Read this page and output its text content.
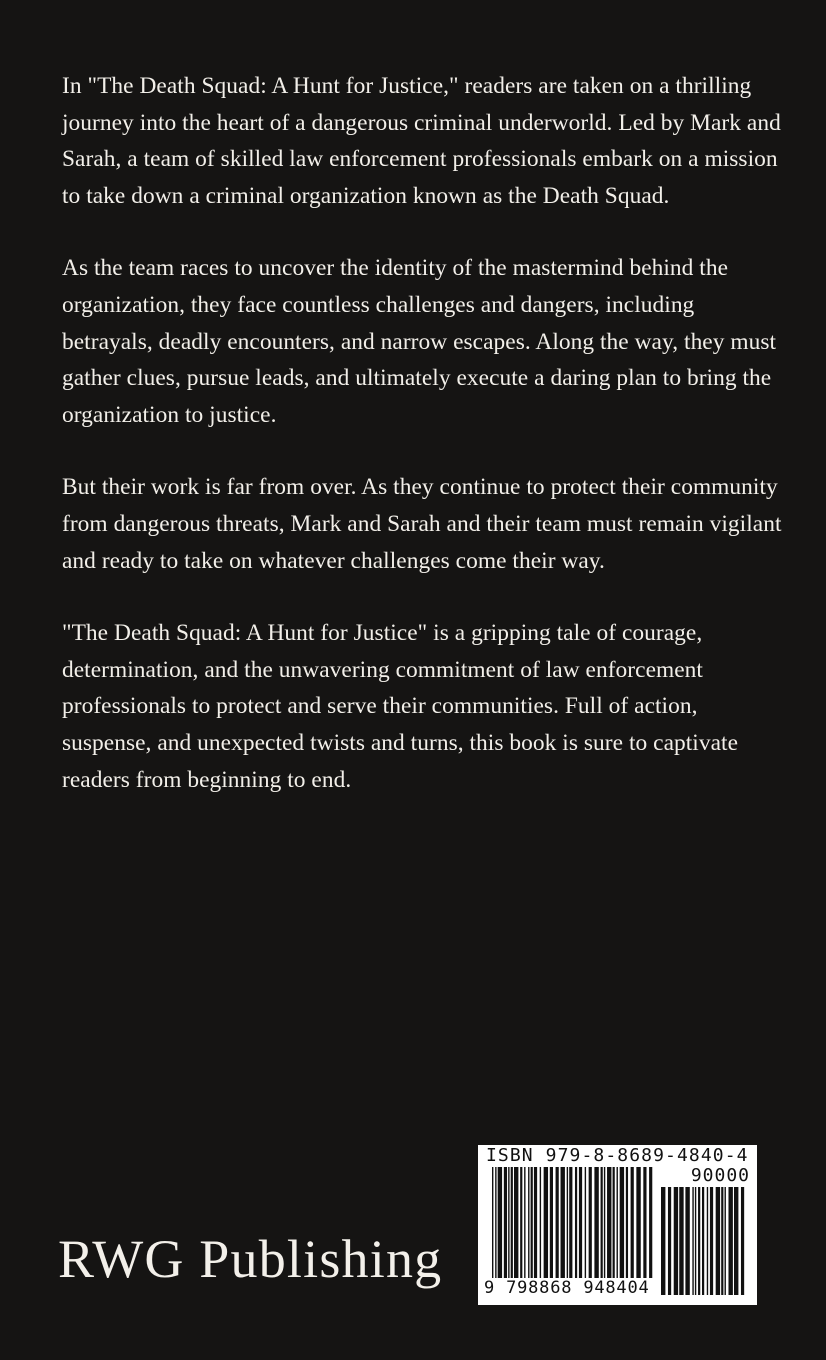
In "The Death Squad: A Hunt for Justice," readers are taken on a thrilling journey into the heart of a dangerous criminal underworld. Led by Mark and Sarah, a team of skilled law enforcement professionals embark on a mission to take down a criminal organization known as the Death Squad.

As the team races to uncover the identity of the mastermind behind the organization, they face countless challenges and dangers, including betrayals, deadly encounters, and narrow escapes. Along the way, they must gather clues, pursue leads, and ultimately execute a daring plan to bring the organization to justice.

But their work is far from over. As they continue to protect their community from dangerous threats, Mark and Sarah and their team must remain vigilant and ready to take on whatever challenges come their way.

"The Death Squad: A Hunt for Justice" is a gripping tale of courage, determination, and the unwavering commitment of law enforcement professionals to protect and serve their communities. Full of action, suspense, and unexpected twists and turns, this book is sure to captivate readers from beginning to end.

RWG Publishing
ISBN 979-8-8689-4840-4
90000
9 798868 948404
